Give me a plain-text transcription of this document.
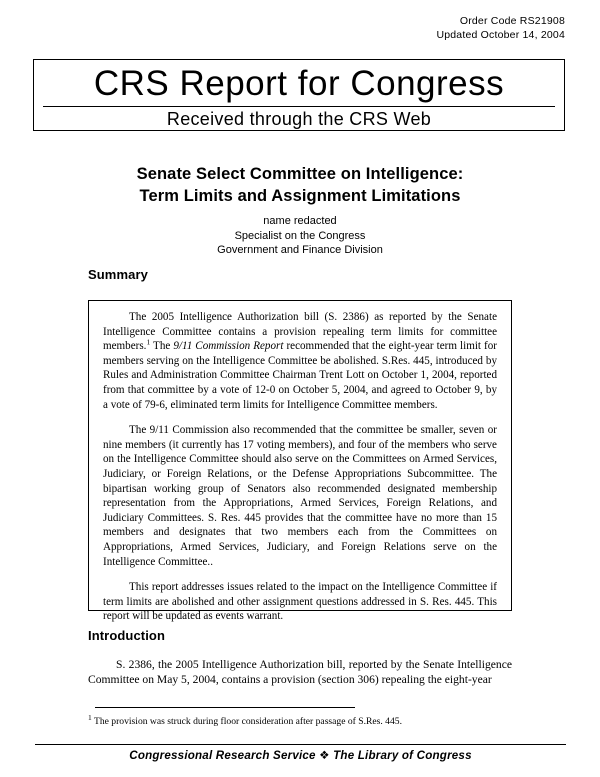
Order Code RS21908
Updated October 14, 2004
CRS Report for Congress
Received through the CRS Web
Senate Select Committee on Intelligence:
Term Limits and Assignment Limitations
name redacted
Specialist on the Congress
Government and Finance Division
Summary

The 2005 Intelligence Authorization bill (S. 2386) as reported by the Senate Intelligence Committee contains a provision repealing term limits for committee members.$^1$ The 9/11 Commission Report recommended that the eight-year term limit for members serving on the Intelligence Committee be abolished. S.Res. 445, introduced by Rules and Administration Committee Chairman Trent Lott on October 1, 2004, reported from that committee by a vote of 12-0 on October 5, 2004, and agreed to October 9, by a vote of 79-6, eliminated term limits for Intelligence Committee members.

The 9/11 Commission also recommended that the committee be smaller, seven or nine members (it currently has 17 voting members), and four of the members who serve on the Intelligence Committee should also serve on the Committees on Armed Services, Judiciary, or Foreign Relations, or the Defense Appropriations Subcommittee. The bipartisan working group of Senators also recommended designated membership representation from the Appropriations, Armed Services, Foreign Relations, and Judiciary Committees. S. Res. 445 provides that the committee have no more than 15 members and designates that two members each from the Committees on Appropriations, Armed Services, Judiciary, and Foreign Relations serve on the Intelligence Committee..

This report addresses issues related to the impact on the Intelligence Committee if term limits are abolished and other assignment questions addressed in S. Res. 445. This report will be updated as events warrant.

Introduction
S. 2386, the 2005 Intelligence Authorization bill, reported by the Senate Intelligence Committee on May 5, 2004, contains a provision (section 306) repealing the eight-year
$^1$ The provision was struck during floor consideration after passage of S.Res. 445.
Congressional Research Service ❖ The Library of Congress
